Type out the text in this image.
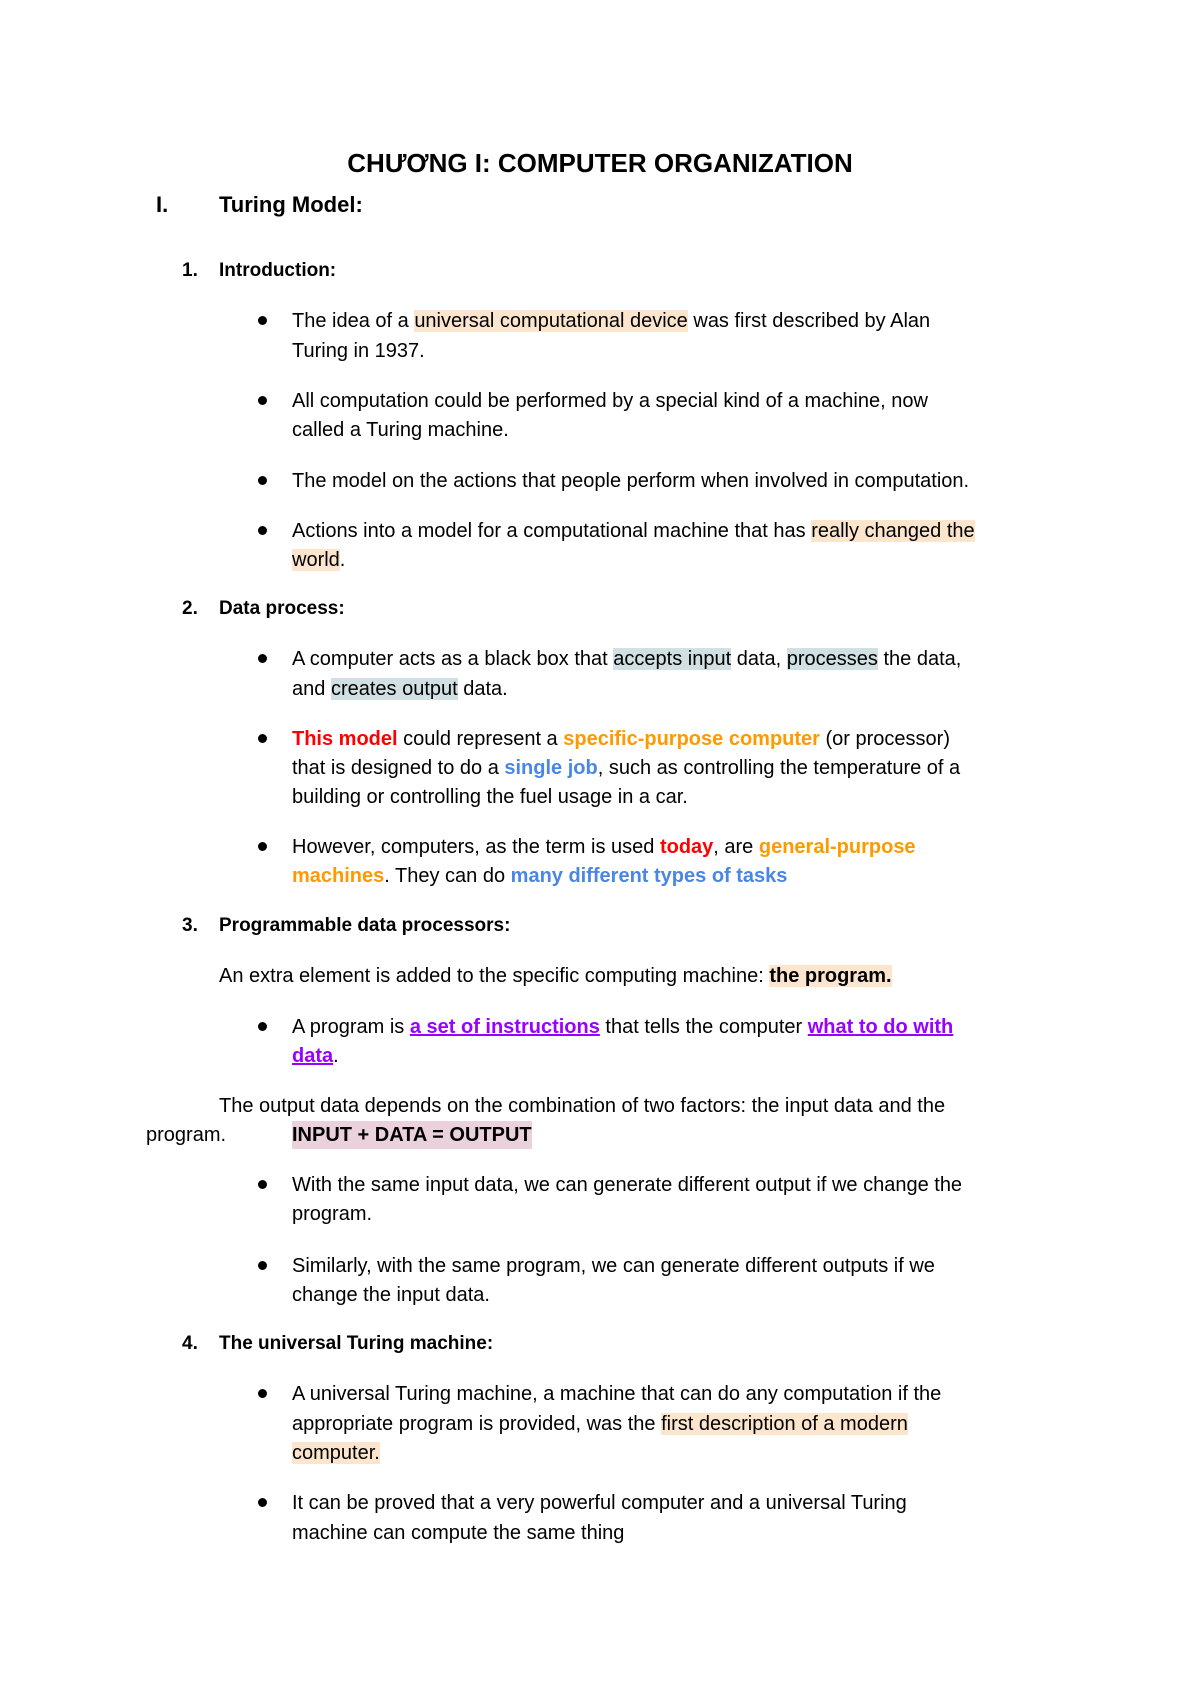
CHƯƠNG I: COMPUTER ORGANIZATION
I. Turing Model:
1. Introduction:
The idea of a universal computational device was first described by Alan
Turing in 1937.
All computation could be performed by a special kind of a machine, now
called a Turing machine.
The model on the actions that people perform when involved in computation.
Actions into a model for a computational machine that has really changed the
world.
2. Data process:
A computer acts as a black box that accepts input data, processes the data,
and creates output data.
This model could represent a specific-purpose computer (or processor)
that is designed to do a single job, such as controlling the temperature of a
building or controlling the fuel usage in a car.
However, computers, as the term is used today, are general-purpose
machines. They can do many different types of tasks
3. Programmable data processors:
An extra element is added to the specific computing machine: the program.
A program is a set of instructions that tells the computer what to do with
data.
The output data depends on the combination of two factors: the input data and the
program.	INPUT + DATA = OUTPUT
With the same input data, we can generate different output if we change the
program.
Similarly, with the same program, we can generate different outputs if we
change the input data.
4. The universal Turing machine:
A universal Turing machine, a machine that can do any computation if the
appropriate program is provided, was the first description of a modern
computer.
It can be proved that a very powerful computer and a universal Turing
machine can compute the same thing
